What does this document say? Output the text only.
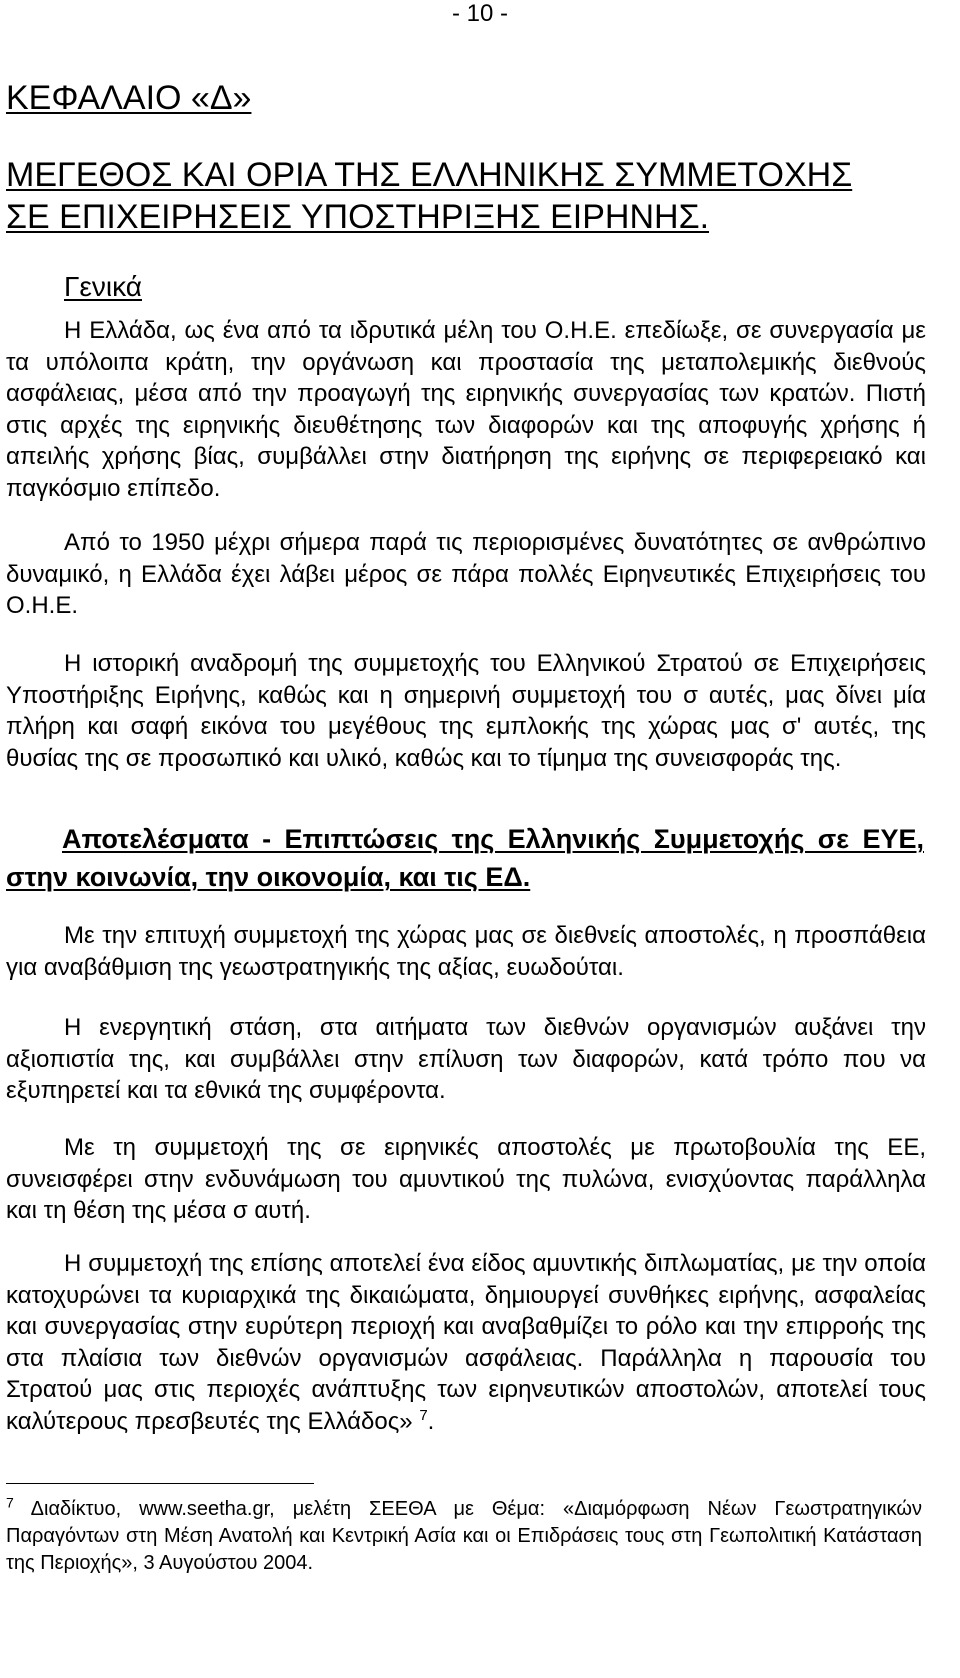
- 10 -
ΚΕΦΑΛΑΙΟ «Δ»
ΜΕΓΕΘΟΣ ΚΑΙ ΟΡΙΑ ΤΗΣ ΕΛΛΗΝΙΚΗΣ ΣΥΜΜΕΤΟΧΗΣ
ΣΕ ΕΠΙΧΕΙΡΗΣΕΙΣ ΥΠΟΣΤΗΡΙΞΗΣ ΕΙΡΗΝΗΣ.
Γενικά
Η Ελλάδα, ως ένα από τα ιδρυτικά μέλη του Ο.Η.Ε. επεδίωξε, σε συνεργασία με τα υπόλοιπα κράτη, την οργάνωση και προστασία της μεταπολεμικής διεθνούς ασφάλειας, μέσα από την προαγωγή της ειρηνικής συνεργασίας των κρατών. Πιστή στις αρχές της ειρηνικής διευθέτησης των διαφορών και της αποφυγής χρήσης ή απειλής χρήσης βίας, συμβάλλει στην διατήρηση της ειρήνης σε περιφερειακό και παγκόσμιο επίπεδο.
Από το 1950 μέχρι σήμερα παρά τις περιορισμένες δυνατότητες σε ανθρώπινο δυναμικό, η Ελλάδα έχει λάβει μέρος σε πάρα πολλές Ειρηνευτικές Επιχειρήσεις του Ο.Η.Ε.
Η ιστορική αναδρομή της συμμετοχής του Ελληνικού Στρατού σε Επιχειρήσεις Υποστήριξης Ειρήνης, καθώς και η σημερινή συμμετοχή του σ αυτές, μας δίνει μία πλήρη και σαφή εικόνα του μεγέθους της εμπλοκής της χώρας μας σ' αυτές, της θυσίας της σε προσωπικό και υλικό, καθώς και το τίμημα της συνεισφοράς της.
Αποτελέσματα - Επιπτώσεις της Ελληνικής Συμμετοχής σε ΕΥΕ, στην κοινωνία, την οικονομία, και τις ΕΔ.
Με την επιτυχή συμμετοχή της χώρας μας σε διεθνείς αποστολές, η προσπάθεια για αναβάθμιση της γεωστρατηγικής της αξίας, ευωδούται.
Η ενεργητική στάση, στα αιτήματα των διεθνών οργανισμών αυξάνει την αξιοπιστία της, και συμβάλλει στην επίλυση των διαφορών, κατά τρόπο που να εξυπηρετεί και τα εθνικά της συμφέροντα.
Με τη συμμετοχή της σε ειρηνικές αποστολές με πρωτοβουλία της ΕΕ, συνεισφέρει στην ενδυνάμωση του αμυντικού της πυλώνα, ενισχύοντας παράλληλα και τη θέση της μέσα σ αυτή.
Η συμμετοχή της επίσης αποτελεί ένα είδος αμυντικής διπλωματίας, με την οποία κατοχυρώνει τα κυριαρχικά της δικαιώματα, δημιουργεί συνθήκες ειρήνης, ασφαλείας και συνεργασίας στην ευρύτερη περιοχή και αναβαθμίζει το ρόλο και την επιρροής της στα πλαίσια των διεθνών οργανισμών ασφάλειας. Παράλληλα η παρουσία του Στρατού μας στις περιοχές ανάπτυξης των ειρηνευτικών αποστολών, αποτελεί τους καλύτερους πρεσβευτές της Ελλάδος» $^7$.
$^7$ Διαδίκτυο, www.seetha.gr, μελέτη ΣΕΕΘΑ με Θέμα: «Διαμόρφωση Νέων Γεωστρατηγικών Παραγόντων στη Μέση Ανατολή και Κεντρική Ασία και οι Επιδράσεις τους στη Γεωπολιτική Κατάσταση της Περιοχής», 3 Αυγούστου 2004.
